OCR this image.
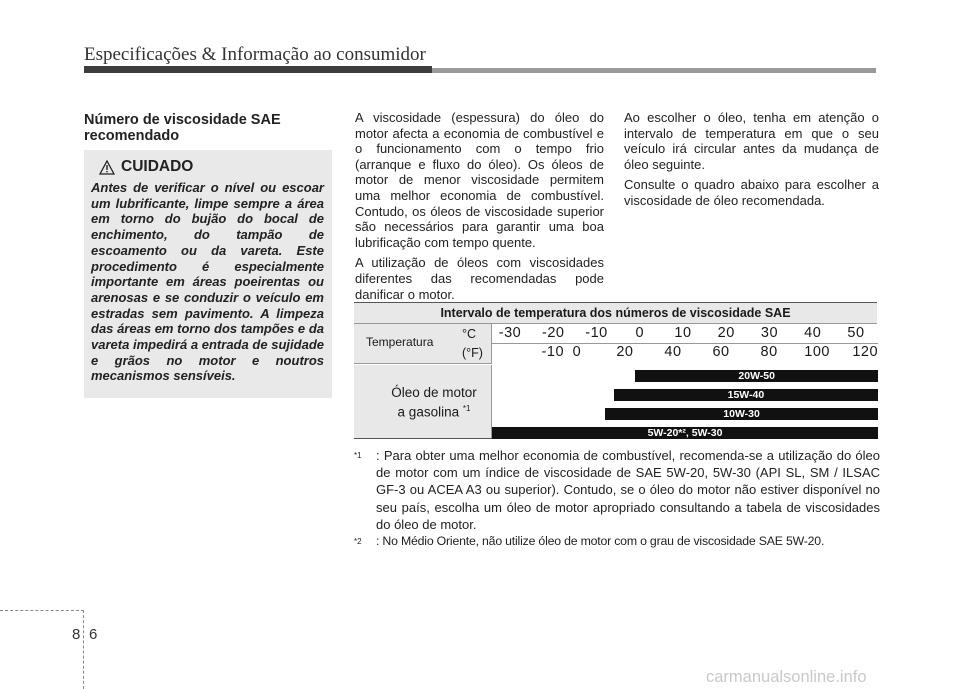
Especificações & Informação ao consumidor
Número de viscosidade SAE recomendado
CUIDADO
Antes de verificar o nível ou escoar um lubrificante, limpe sempre a área em torno do bujão do bocal de enchimento, do tampão de escoamento ou da vareta. Este procedimento é especialmente importante em áreas poeirentas ou arenosas e se conduzir o veículo em estradas sem pavimento. A limpeza das áreas em torno dos tampões e da vareta impedirá a entrada de sujidade e grãos no motor e noutros mecanismos sensíveis.

A viscosidade (espessura) do óleo do motor afecta a economia de combustível e o funcionamento com o tempo frio (arranque e fluxo do óleo). Os óleos de motor de menor viscosidade permitem uma melhor economia de combustível. Contudo, os óleos de viscosidade superior são necessários para garantir uma boa lubrificação com tempo quente.

A utilização de óleos com viscosidades diferentes das recomendadas pode danificar o motor.

Ao escolher o óleo, tenha em atenção o intervalo de temperatura em que o seu veículo irá circular antes da mudança de óleo seguinte.

Consulte o quadro abaixo para escolher a viscosidade de óleo recomendada.

Intervalo de temperatura dos números de viscosidade SAE
Temperatura
°C
(°F)
-30 -20 -10 0 10 20 30 40 50
-10 0 20 40 60 80 100 120
Óleo de motor
a gasolina $^{*1}$
20W-50
15W-40
10W-30
5W-20*², 5W-30
$^{*1}$	: Para obter uma melhor economia de combustível, recomenda-se a utilização do óleo de motor com um índice de viscosidade de SAE 5W-20, 5W-30 (API SL, SM / ILSAC GF-3 ou ACEA A3 ou superior). Contudo, se o óleo do motor não estiver disponível no seu país, escolha um óleo de motor apropriado consultando a tabela de viscosidades do óleo de motor.
$^{*2}$	: No Médio Oriente, não utilize óleo de motor com o grau de viscosidade SAE 5W-20.
8 6
carmanualsonline.info
